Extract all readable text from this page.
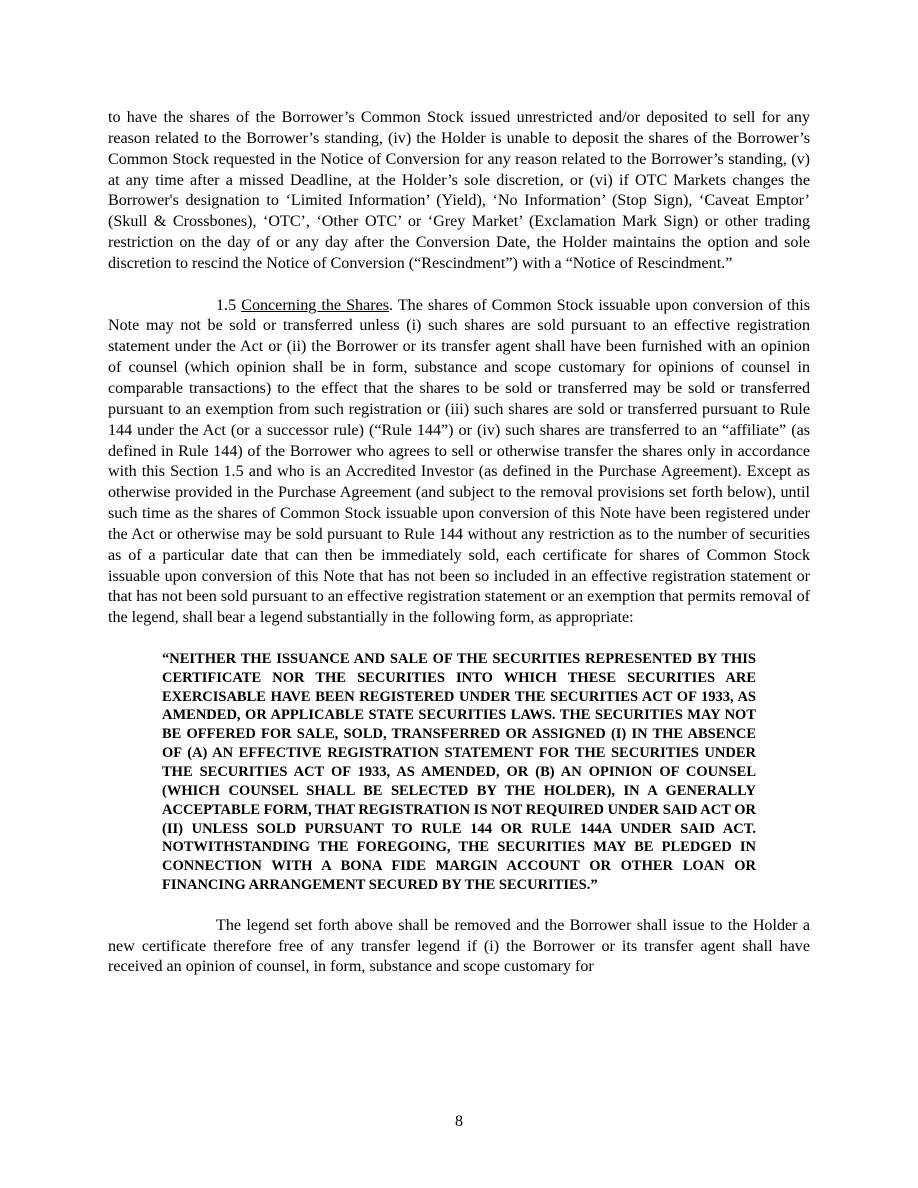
to have the shares of the Borrower’s Common Stock issued unrestricted and/or deposited to sell for any reason related to the Borrower’s standing, (iv) the Holder is unable to deposit the shares of the Borrower’s Common Stock requested in the Notice of Conversion for any reason related to the Borrower’s standing, (v) at any time after a missed Deadline, at the Holder’s sole discretion, or (vi) if OTC Markets changes the Borrower's designation to ‘Limited Information’ (Yield), ‘No Information’ (Stop Sign), ‘Caveat Emptor’ (Skull & Crossbones), ‘OTC’, ‘Other OTC’ or ‘Grey Market’ (Exclamation Mark Sign) or other trading restriction on the day of or any day after the Conversion Date, the Holder maintains the option and sole discretion to rescind the Notice of Conversion (“Rescindment”) with a “Notice of Rescindment.”

1.5 Concerning the Shares. The shares of Common Stock issuable upon conversion of this Note may not be sold or transferred unless (i) such shares are sold pursuant to an effective registration statement under the Act or (ii) the Borrower or its transfer agent shall have been furnished with an opinion of counsel (which opinion shall be in form, substance and scope customary for opinions of counsel in comparable transactions) to the effect that the shares to be sold or transferred may be sold or transferred pursuant to an exemption from such registration or (iii) such shares are sold or transferred pursuant to Rule 144 under the Act (or a successor rule) (“Rule 144”) or (iv) such shares are transferred to an “affiliate” (as defined in Rule 144) of the Borrower who agrees to sell or otherwise transfer the shares only in accordance with this Section 1.5 and who is an Accredited Investor (as defined in the Purchase Agreement). Except as otherwise provided in the Purchase Agreement (and subject to the removal provisions set forth below), until such time as the shares of Common Stock issuable upon conversion of this Note have been registered under the Act or otherwise may be sold pursuant to Rule 144 without any restriction as to the number of securities as of a particular date that can then be immediately sold, each certificate for shares of Common Stock issuable upon conversion of this Note that has not been so included in an effective registration statement or that has not been sold pursuant to an effective registration statement or an exemption that permits removal of the legend, shall bear a legend substantially in the following form, as appropriate:

“NEITHER THE ISSUANCE AND SALE OF THE SECURITIES REPRESENTED BY THIS CERTIFICATE NOR THE SECURITIES INTO WHICH THESE SECURITIES ARE EXERCISABLE HAVE BEEN REGISTERED UNDER THE SECURITIES ACT OF 1933, AS AMENDED, OR APPLICABLE STATE SECURITIES LAWS. THE SECURITIES MAY NOT BE OFFERED FOR SALE, SOLD, TRANSFERRED OR ASSIGNED (I) IN THE ABSENCE OF (A) AN EFFECTIVE REGISTRATION STATEMENT FOR THE SECURITIES UNDER THE SECURITIES ACT OF 1933, AS AMENDED, OR (B) AN OPINION OF COUNSEL (WHICH COUNSEL SHALL BE SELECTED BY THE HOLDER), IN A GENERALLY ACCEPTABLE FORM, THAT REGISTRATION IS NOT REQUIRED UNDER SAID ACT OR (II) UNLESS SOLD PURSUANT TO RULE 144 OR RULE 144A UNDER SAID ACT. NOTWITHSTANDING THE FOREGOING, THE SECURITIES MAY BE PLEDGED IN CONNECTION WITH A BONA FIDE MARGIN ACCOUNT OR OTHER LOAN OR FINANCING ARRANGEMENT SECURED BY THE SECURITIES.”

The legend set forth above shall be removed and the Borrower shall issue to the Holder a new certificate therefore free of any transfer legend if (i) the Borrower or its transfer agent shall have received an opinion of counsel, in form, substance and scope customary for

8
